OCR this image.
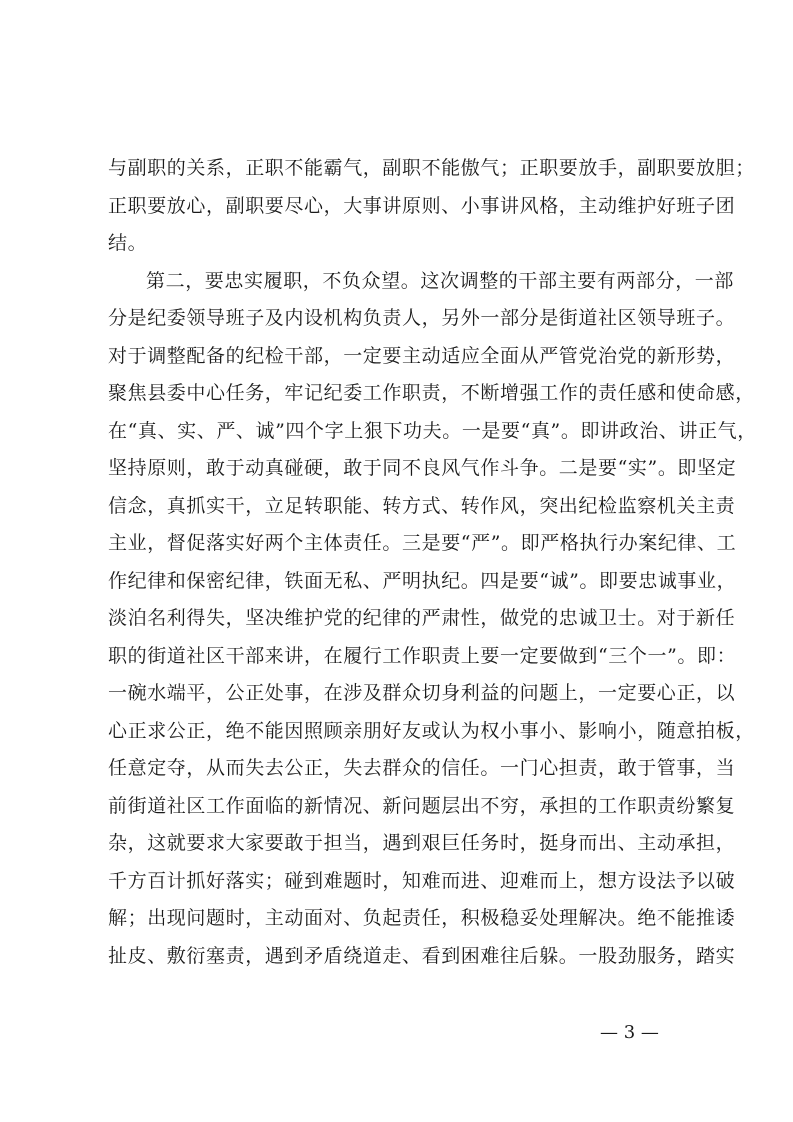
与副职的关系，正职不能霸气，副职不能傲气；正职要放手，副职要放胆；

正职要放心，副职要尽心，大事讲原则、小事讲风格，主动维护好班子团

结。

第二，要忠实履职，不负众望。这次调整的干部主要有两部分，一部

分是纪委领导班子及内设机构负责人，另外一部分是街道社区领导班子。

对于调整配备的纪检干部，一定要主动适应全面从严管党治党的新形势，

聚焦县委中心任务，牢记纪委工作职责，不断增强工作的责任感和使命感，

在“真、实、严、诚”四个字上狠下功夫。一是要“真”。即讲政治、讲正气，

坚持原则，敢于动真碰硬，敢于同不良风气作斗争。二是要“实”。即坚定

信念，真抓实干，立足转职能、转方式、转作风，突出纪检监察机关主责

主业，督促落实好两个主体责任。三是要“严”。即严格执行办案纪律、工

作纪律和保密纪律，铁面无私、严明执纪。四是要“诚”。即要忠诚事业，

淡泊名利得失，坚决维护党的纪律的严肃性，做党的忠诚卫士。对于新任

职的街道社区干部来讲，在履行工作职责上要一定要做到“三个一”。即：

一碗水端平，公正处事，在涉及群众切身利益的问题上，一定要心正，以

心正求公正，绝不能因照顾亲朋好友或认为权小事小、影响小，随意拍板，

任意定夺，从而失去公正，失去群众的信任。一门心担责，敢于管事，当

前街道社区工作面临的新情况、新问题层出不穷，承担的工作职责纷繁复

杂，这就要求大家要敢于担当，遇到艰巨任务时，挺身而出、主动承担，

千方百计抓好落实；碰到难题时，知难而进、迎难而上，想方设法予以破

解；出现问题时，主动面对、负起责任，积极稳妥处理解决。绝不能推诿

扯皮、敷衍塞责，遇到矛盾绕道走、看到困难往后躲。一股劲服务，踏实

— 3 —
